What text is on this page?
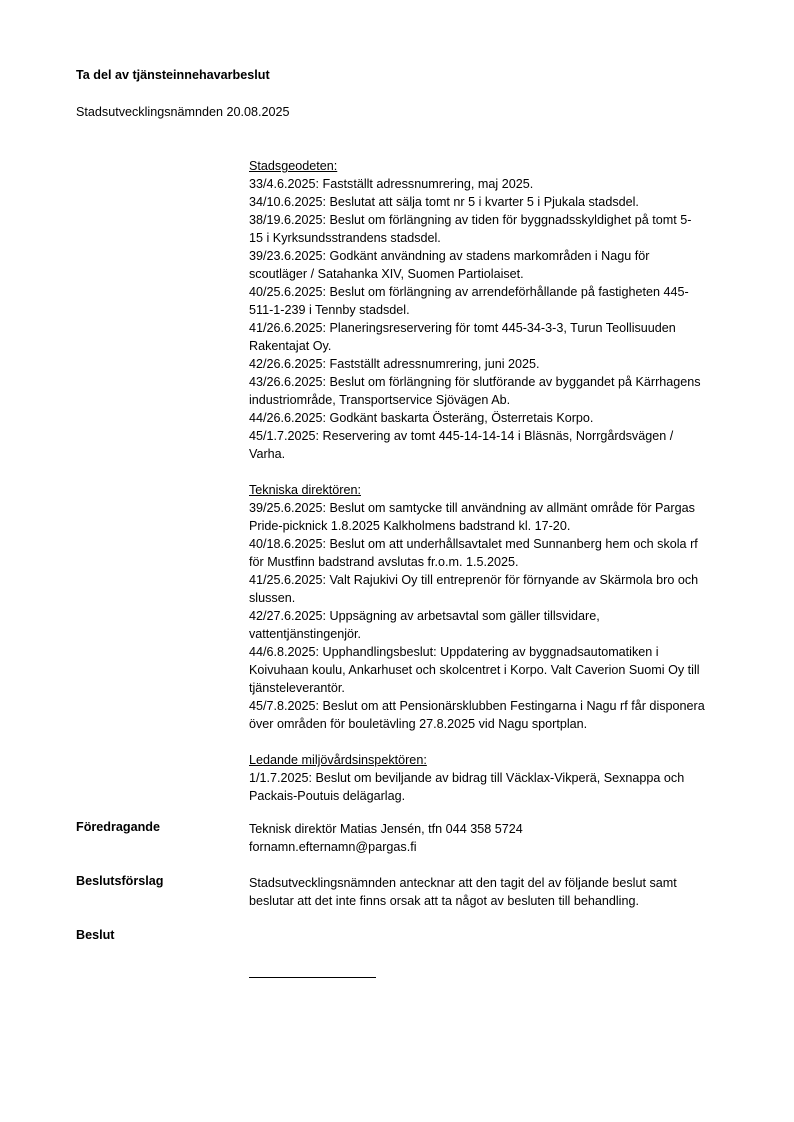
Ta del av tjänsteinnehavarbeslut
Stadsutvecklingsnämnden 20.08.2025
Stadsgeodeten:
33/4.6.2025: Fastställt adressnumrering, maj 2025.
34/10.6.2025: Beslutat att sälja tomt nr 5 i kvarter 5 i Pjukala stadsdel.
38/19.6.2025: Beslut om förlängning av tiden för byggnadsskyldighet på tomt 5-
15 i Kyrksundsstrandens stadsdel.
39/23.6.2025: Godkänt användning av stadens markområden i Nagu för
scoutläger / Satahanka XIV, Suomen Partiolaiset.
40/25.6.2025: Beslut om förlängning av arrendeförhållande på fastigheten 445-
511-1-239 i Tennby stadsdel.
41/26.6.2025: Planeringsreservering för tomt 445-34-3-3, Turun Teollisuuden
Rakentajat Oy.
42/26.6.2025: Fastställt adressnumrering, juni 2025.
43/26.6.2025: Beslut om förlängning för slutförande av byggandet på Kärrhagens
industriområde, Transportservice Sjövägen Ab.
44/26.6.2025: Godkänt baskarta Österäng, Österretais Korpo.
45/1.7.2025: Reservering av tomt 445-14-14-14 i Bläsnäs, Norrgårdsvägen /
Varha.
Tekniska direktören:
39/25.6.2025: Beslut om samtycke till användning av allmänt område för Pargas
Pride-picknick 1.8.2025 Kalkholmens badstrand kl. 17-20.
40/18.6.2025: Beslut om att underhållsavtalet med Sunnanberg hem och skola rf
för Mustfinn badstrand avslutas fr.o.m. 1.5.2025.
41/25.6.2025: Valt Rajukivi Oy till entreprenör för förnyande av Skärmola bro och
slussen.
42/27.6.2025: Uppsägning av arbetsavtal som gäller tillsvidare,
vattentjänstingenjör.
44/6.8.2025: Upphandlingsbeslut: Uppdatering av byggnadsautomatiken i
Koivuhaan koulu, Ankarhuset och skolcentret i Korpo. Valt Caverion Suomi Oy till
tjänsteleverantör.
45/7.8.2025: Beslut om att Pensionärsklubben Festingarna i Nagu rf får disponera
över områden för bouletävling 27.8.2025 vid Nagu sportplan.
Ledande miljövårdsinspektören:
1/1.7.2025: Beslut om beviljande av bidrag till Väcklax-Vikperä, Sexnappa och
Packais-Poutuis delägarlag.
Föredragande	Teknisk direktör Matias Jensén, tfn 044 358 5724
fornamn.efternamn@pargas.fi
Beslutsförslag	Stadsutvecklingsnämnden antecknar att den tagit del av följande beslut samt
beslutar att det inte finns orsak att ta något av besluten till behandling.
Beslut
